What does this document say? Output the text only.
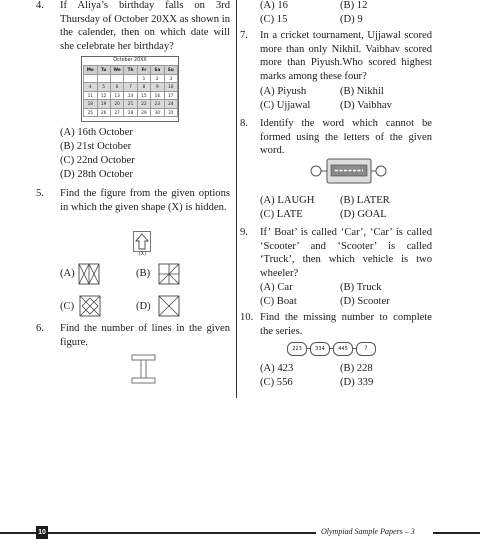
4. If Aliya’s birthday falls on 3rd Thursday of October 20XX as shown in the calender, then on which date will she celebrate her birthday?
October 20XX
Mo	Tu	We	Th	Fr	Sa	Su
				1	2	3
4	5	6	7	8	9	10
11	12	13	14	15	16	17
18	19	20	21	22	23	24
25	26	27	28	29	30	31
(A) 16th October
(B) 21st October
(C) 22nd October
(D) 28th October
5. Find the figure from the given options in which the given shape (X) is hidden.
(X)
(A)	(B)
(C)	(D)
6. Find the number of lines in the given figure.
(A) 16	(B) 12
(C) 15	(D) 9
7. In a cricket tournament, Ujjawal scored more than only Nikhil. Vaibhav scored more than Piyush.Who scored highest marks among these four?
(A) Piyush	(B) Nikhil
(C) Ujjawal	(D) Vaibhav
8. Identify the word which cannot be formed using the letters of the given word.
(A) LAUGH (B) LATER
(C) LATE	(D) GOAL
9. If’ Boat’ is called ‘Car’, ‘Car’ is called ‘Scooter’ and ‘Scooter’ is called ‘Truck’, then which vehicle is two wheeler?
(A) Car	(B) Truck
(C) Boat	(D) Scooter
10. Find the missing number to complete the series.
223	334	445	?
(A) 423	(B) 228
(C) 556	(D) 339
10	Olympiad Sample Papers – 3
